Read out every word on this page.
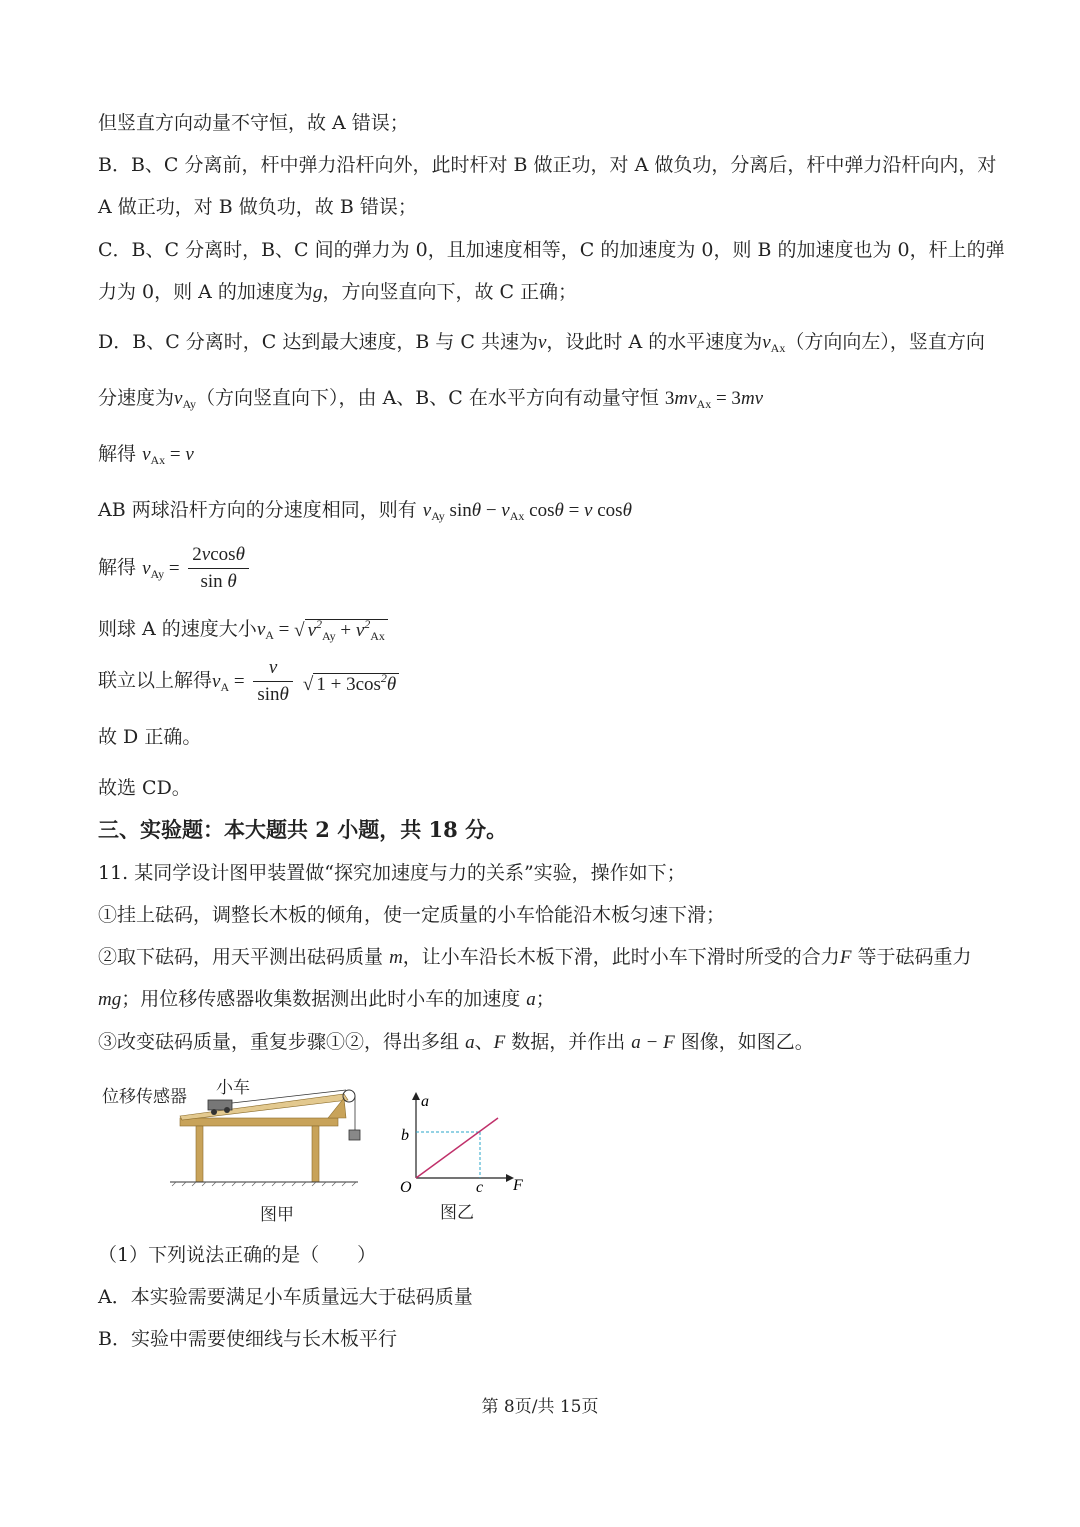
但竖直方向动量不守恒，故 A 错误；
B．B、C 分离前，杆中弹力沿杆向外，此时杆对 B 做正功，对 A 做负功，分离后，杆中弹力沿杆向内，对
A 做正功，对 B 做负功，故 B 错误；
C．B、C 分离时，B、C 间的弹力为 0，且加速度相等，C 的加速度为 0，则 B 的加速度也为 0，杆上的弹
力为 0，则 A 的加速度为g，方向竖直向下，故 C 正确；
D．B、C 分离时，C 达到最大速度，B 与 C 共速为v，设此时 A 的水平速度为$v_{Ax}$（方向向左），竖直方向
分速度为$v_{Ay}$（方向竖直向下），由 A、B、C 在水平方向有动量守恒 $3mv_{Ax} = 3mv$
解得 $v_{Ax} = v$
AB 两球沿杆方向的分速度相同，则有 $v_{Ay}$ $\sin\theta - v_{Ax}$ cosθ = v cosθ
解得 $v_{Ay} = \frac{2vcos\theta}{\text{sin θ}}$
则球 A 的速度大小$v_A$ = √ $v^2_{Ay} + v^2_{Ax}$
联立以上解得$v_A = \frac{v}{\sin\theta}$ √ $1 + 3\cos^2\theta$
故 D 正确。
故选 CD。
三、实验题：本大题共 2 小题，共 18 分。
11. 某同学设计图甲装置做“探究加速度与力的关系”实验，操作如下；
①挂上砝码，调整长木板的倾角，使一定质量的小车恰能沿木板匀速下滑；
②取下砝码，用天平测出砝码质量 m，让小车沿长木板下滑，此时小车下滑时所受的合力F 等于砝码重力
mg；用位移传感器收集数据测出此时小车的加速度 a；
③改变砝码质量，重复步骤①②，得出多组 a、F 数据，并作出 a − F 图像，如图乙。
位移传感器 小车
图甲
a
F
O
b
c
图乙
（1）下列说法正确的是（　　）
A．本实验需要满足小车质量远大于砝码质量
B．实验中需要使细线与长木板平行
第 8页/共 15页
